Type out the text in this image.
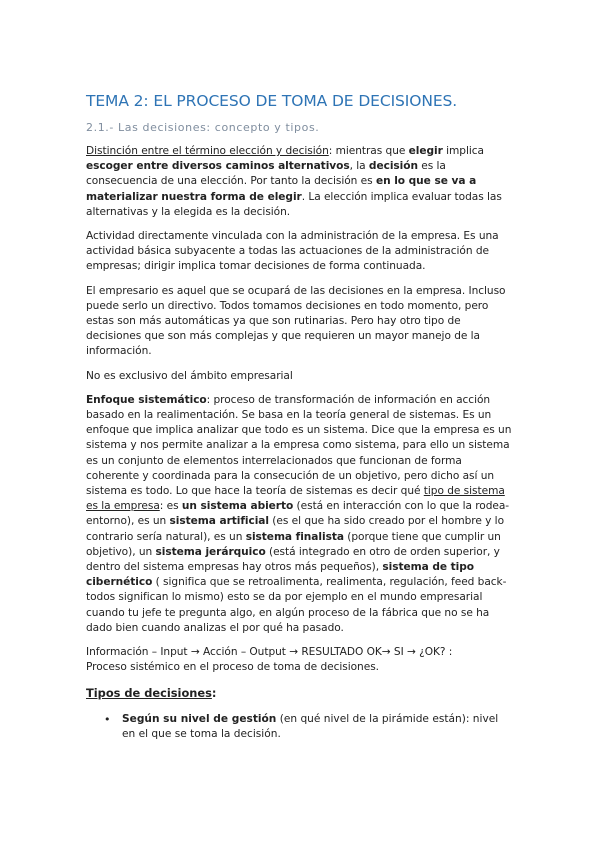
TEMA 2: EL PROCESO DE TOMA DE DECISIONES.
2.1.- Las decisiones: concepto y tipos.

Distinción entre el término elección y decisión: mientras que elegir implica escoger entre diversos caminos alternativos, la decisión es la consecuencia de una elección. Por tanto la decisión es en lo que se va a materializar nuestra forma de elegir. La elección implica evaluar todas las alternativas y la elegida es la decisión.

Actividad directamente vinculada con la administración de la empresa. Es una actividad básica subyacente a todas las actuaciones de la administración de empresas; dirigir implica tomar decisiones de forma continuada.

El empresario es aquel que se ocupará de las decisiones en la empresa. Incluso puede serlo un directivo. Todos tomamos decisiones en todo momento, pero estas son más automáticas ya que son rutinarias. Pero hay otro tipo de decisiones que son más complejas y que requieren un mayor manejo de la información.

No es exclusivo del ámbito empresarial

Enfoque sistemático: proceso de transformación de información en acción basado en la realimentación. Se basa en la teoría general de sistemas. Es un enfoque que implica analizar que todo es un sistema. Dice que la empresa es un sistema y nos permite analizar a la empresa como sistema, para ello un sistema es un conjunto de elementos interrelacionados que funcionan de forma coherente y coordinada para la consecución de un objetivo, pero dicho así un sistema es todo. Lo que hace la teoría de sistemas es decir qué tipo de sistema es la empresa: es un sistema abierto (está en interacción con lo que la rodea- entorno), es un sistema artificial (es el que ha sido creado por el hombre y lo contrario sería natural), es un sistema finalista (porque tiene que cumplir un objetivo), un sistema jerárquico (está integrado en otro de orden superior, y dentro del sistema empresas hay otros más pequeños), sistema de tipo cibernético ( significa que se retroalimenta, realimenta, regulación, feed back-todos significan lo mismo) esto se da por ejemplo en el mundo empresarial cuando tu jefe te pregunta algo, en algún proceso de la fábrica que no se ha dado bien cuando analizas el por qué ha pasado.

Información – Input → Acción – Output → RESULTADO OK→ SI → ¿OK? :
Proceso sistémico en el proceso de toma de decisiones.

Tipos de decisiones:
• Según su nivel de gestión (en qué nivel de la pirámide están): nivel en el que se toma la decisión.
